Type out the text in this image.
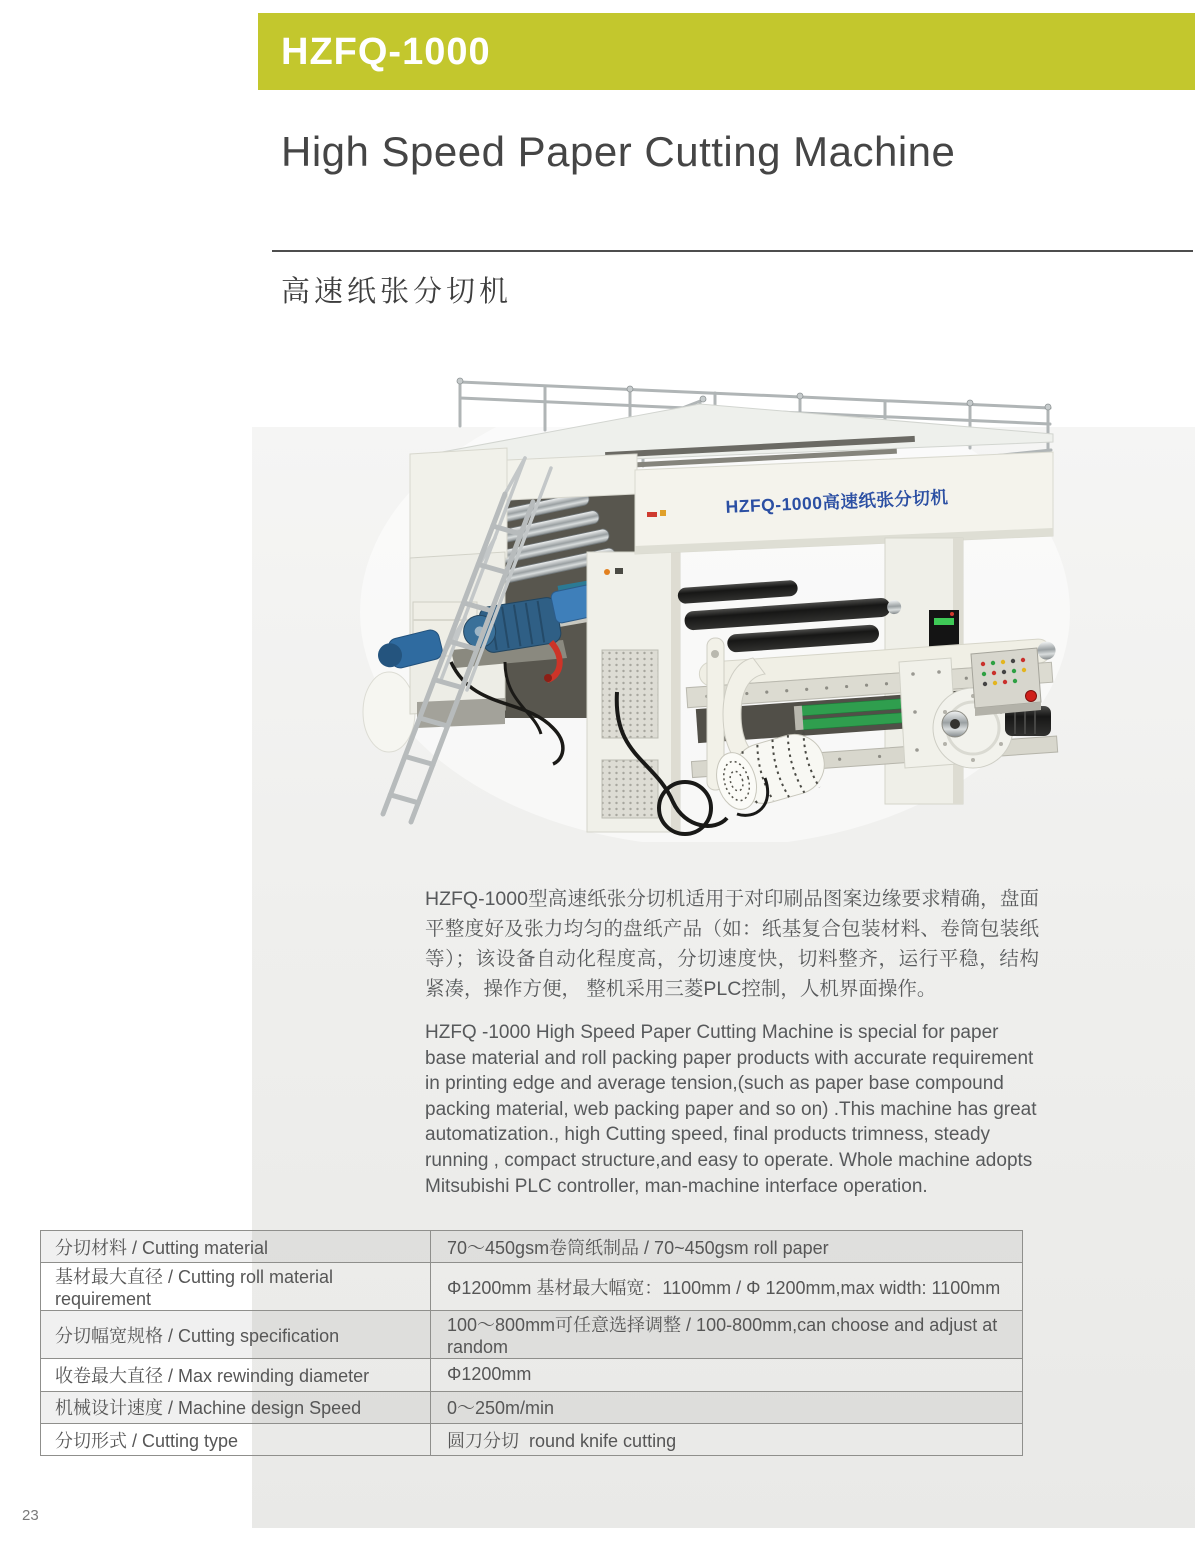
HZFQ-1000
High Speed Paper Cutting Machine
高速纸张分切机
HZFQ-1000高速纸张分切机

HZFQ-1000型高速纸张分切机适用于对印刷品图案边缘要求精确，盘面平整度好及张力均匀的盘纸产品（如：纸基复合包装材料、卷筒包装纸等）；该设备自动化程度高，分切速度快，切料整齐，运行平稳，结构紧凑，操作方便， 整机采用三菱PLC控制，人机界面操作。

HZFQ -1000 High Speed Paper Cutting Machine is special for paper base material and roll packing paper products with accurate requirement in printing edge and average tension,(such as paper base compound packing material, web packing paper and so on) .This machine has great automatization., high Cutting speed, final products trimness, steady running , compact structure,and easy to operate. Whole machine adopts Mitsubishi PLC controller, man-machine interface operation.

分切材料 / Cutting material	70～450gsm卷筒纸制品 / 70~450gsm roll paper
基材最大直径 / Cutting roll material requirement	Φ1200mm 基材最大幅宽：1100mm / Φ 1200mm,max width: 1100mm
分切幅宽规格 / Cutting specification	100～800mm可任意选择调整 / 100-800mm,can choose and adjust at random
收卷最大直径 / Max rewinding diameter	Φ1200mm
机械设计速度 / Machine design Speed	0～250m/min
分切形式 / Cutting type	圆刀分切  round knife cutting
23
